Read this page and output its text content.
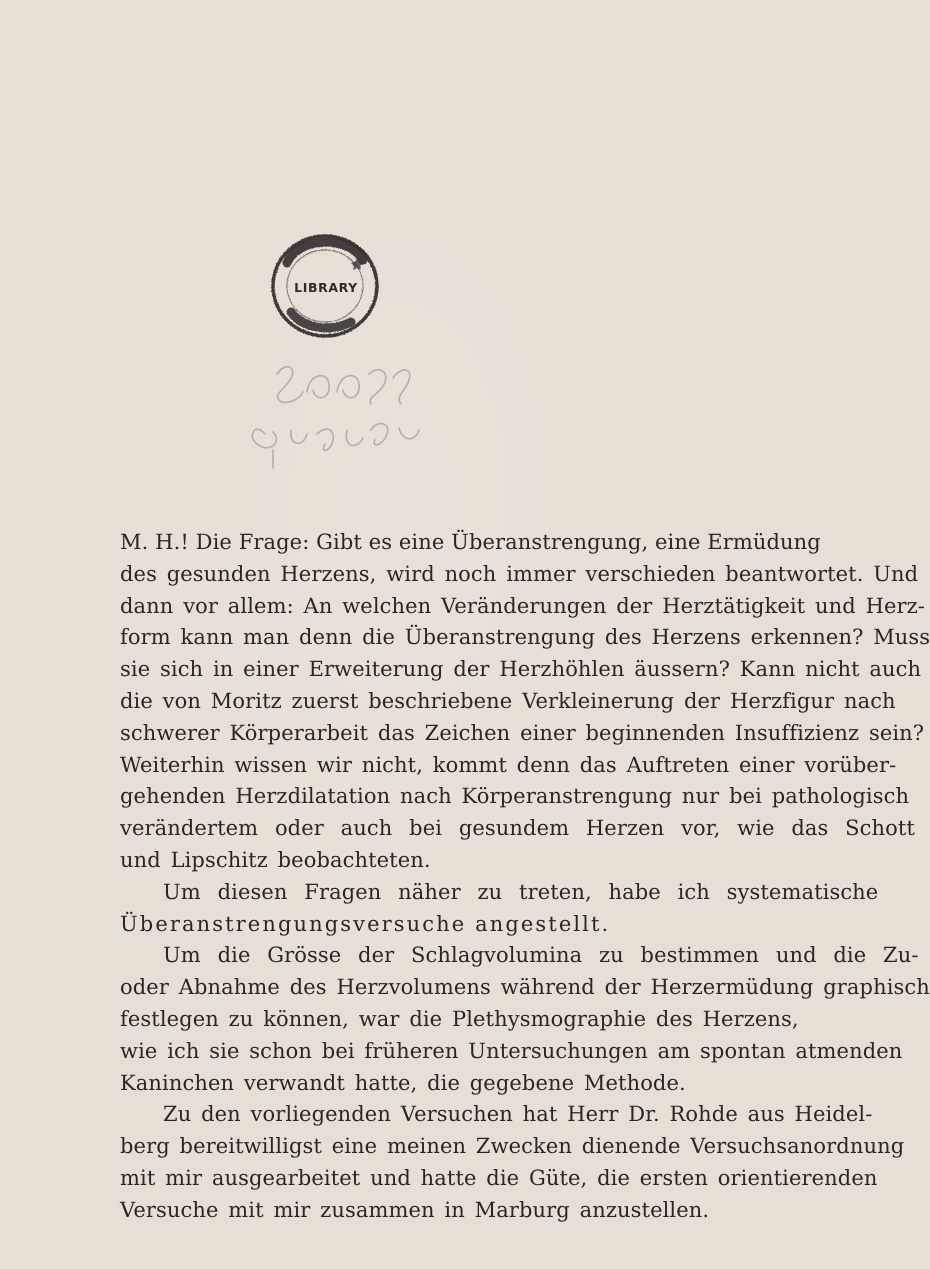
LIBRARY
M. H.! Die Frage: Gibt es eine Überanstrengung, eine Ermüdung
des gesunden Herzens, wird noch immer verschieden beantwortet. Und
dann vor allem: An welchen Veränderungen der Herztätigkeit und Herz-
form kann man denn die Überanstrengung des Herzens erkennen? Muss
sie sich in einer Erweiterung der Herzhöhlen äussern? Kann nicht auch
die von Moritz zuerst beschriebene Verkleinerung der Herzfigur nach
schwerer Körperarbeit das Zeichen einer beginnenden Insuffizienz sein?
Weiterhin wissen wir nicht, kommt denn das Auftreten einer vorüber-
gehenden Herzdilatation nach Körperanstrengung nur bei pathologisch
verändertem oder auch bei gesundem Herzen vor, wie das Schott
und Lipschitz beobachteten.
Um diesen Fragen näher zu treten, habe ich systematische
Überanstrengungsversuche angestellt.
Um die Grösse der Schlagvolumina zu bestimmen und die Zu-
oder Abnahme des Herzvolumens während der Herzermüdung graphisch
festlegen zu können, war die Plethysmographie des Herzens,
wie ich sie schon bei früheren Untersuchungen am spontan atmenden
Kaninchen verwandt hatte, die gegebene Methode.
Zu den vorliegenden Versuchen hat Herr Dr. Rohde aus Heidel-
berg bereitwilligst eine meinen Zwecken dienende Versuchsanordnung
mit mir ausgearbeitet und hatte die Güte, die ersten orientierenden
Versuche mit mir zusammen in Marburg anzustellen.
